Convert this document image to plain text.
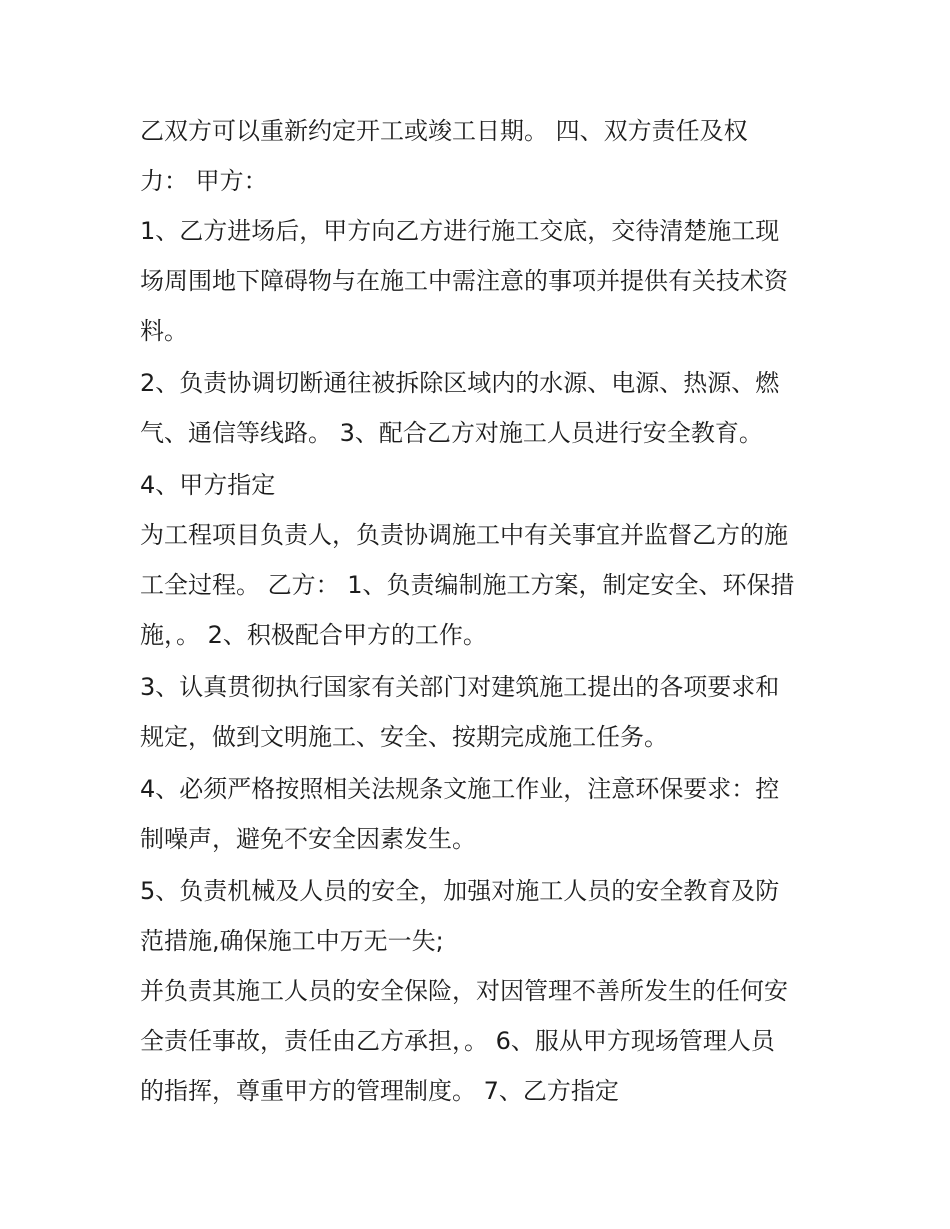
乙双方可以重新约定开工或竣工日期。 四、双方责任及权
力： 甲方：
1、乙方进场后，甲方向乙方进行施工交底，交待清楚施工现
场周围地下障碍物与在施工中需注意的事项并提供有关技术资
料。
2、负责协调切断通往被拆除区域内的水源、电源、热源、燃
气、通信等线路。 3、配合乙方对施工人员进行安全教育。
4、甲方指定
为工程项目负责人，负责协调施工中有关事宜并监督乙方的施
工全过程。 乙方： 1、负责编制施工方案，制定安全、环保措
施，。 2、积极配合甲方的工作。
3、认真贯彻执行国家有关部门对建筑施工提出的各项要求和
规定，做到文明施工、安全、按期完成施工任务。
4、必须严格按照相关法规条文施工作业，注意环保要求：控
制噪声，避免不安全因素发生。
5、负责机械及人员的安全，加强对施工人员的安全教育及防
范措施,确保施工中万无一失;
并负责其施工人员的安全保险，对因管理不善所发生的任何安
全责任事故，责任由乙方承担，。 6、服从甲方现场管理人员
的指挥，尊重甲方的管理制度。 7、乙方指定
